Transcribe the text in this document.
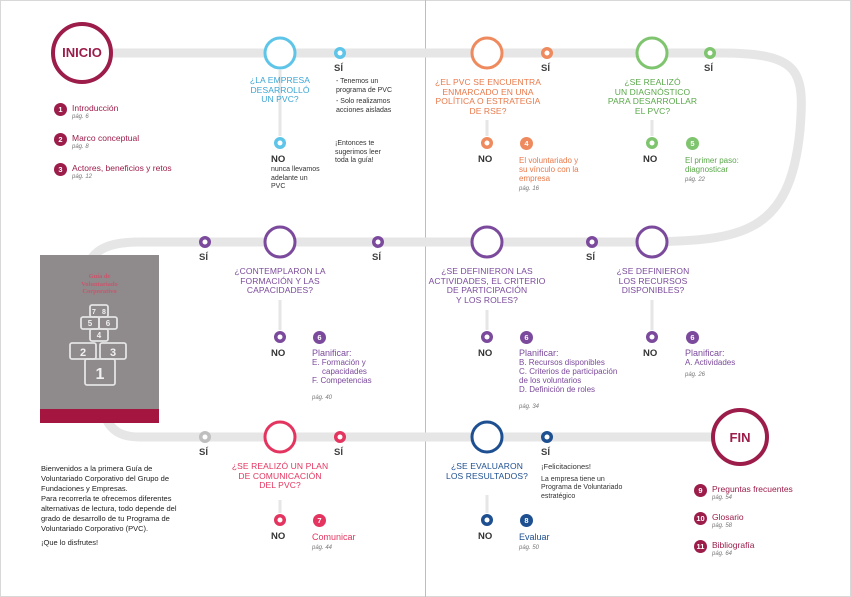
INICIO
1	Introducción
pág. 6
2	Marco conceptual
pág. 8
3	Actores, beneficios y retos
pág. 12
Guía de
Voluntariado
Corporativo
7 8
5 6
4
2 3
1
Bienvenidos a la primera Guía de
Voluntariado Corporativo del Grupo de
Fundaciones y Empresas.
Para recorrerla te ofrecemos diferentes
alternativas de lectura, todo depende del
grado de desarrollo de tu Programa de
Voluntariado Corporativo (PVC).
¡Que lo disfrutes!
¿LA EMPRESA
DESARROLLÓ
UN PVC?
SÍ
- Tenemos un
programa de PVC
- Solo realizamos
acciones aisladas
NO
nunca llevamos
adelante un
PVC
¡Entonces te
sugerimos leer
toda la guía!
¿EL PVC SE ENCUENTRA
ENMARCADO EN UNA
POLÍTICA O ESTRATEGIA
DE RSE?
SÍ
NO
4
El voluntariado y
su vínculo con la
empresa
pág. 16
¿SE REALIZÓ
UN DIAGNÓSTICO
PARA DESARROLLAR
EL PVC?
SÍ
NO
5
El primer paso:
diagnosticar
pág. 22
SÍ
¿SE DEFINIERON
LOS RECURSOS
DISPONIBLES?
NO
6
Planificar:
A. Actividades
pág. 26
SÍ
¿SE DEFINIERON LAS
ACTIVIDADES, EL CRITERIO
DE PARTICIPACIÓN
Y LOS ROLES?
NO
6
Planificar:
B. Recursos disponibles
C. Criterios de participación
de los voluntarios
D. Definición de roles
pág. 34
SÍ
¿CONTEMPLARON LA
FORMACIÓN Y LAS
CAPACIDADES?
NO
6
Planificar:
E. Formación y
capacidades
F. Competencias
pág. 40
SÍ
¿SE REALIZÓ UN PLAN
DE COMUNICACIÓN
DEL PVC?
SÍ
NO
7
Comunicar
pág. 44
¿SE EVALUARON
LOS RESULTADOS?
SÍ
¡Felicitaciones!
La empresa tiene un
Programa de Voluntariado
estratégico
NO
8
Evaluar
pág. 50
FIN
9	Preguntas frecuentes
pág. 54
10 Glosario
pág. 58
11 Bibliografía
pág. 64
